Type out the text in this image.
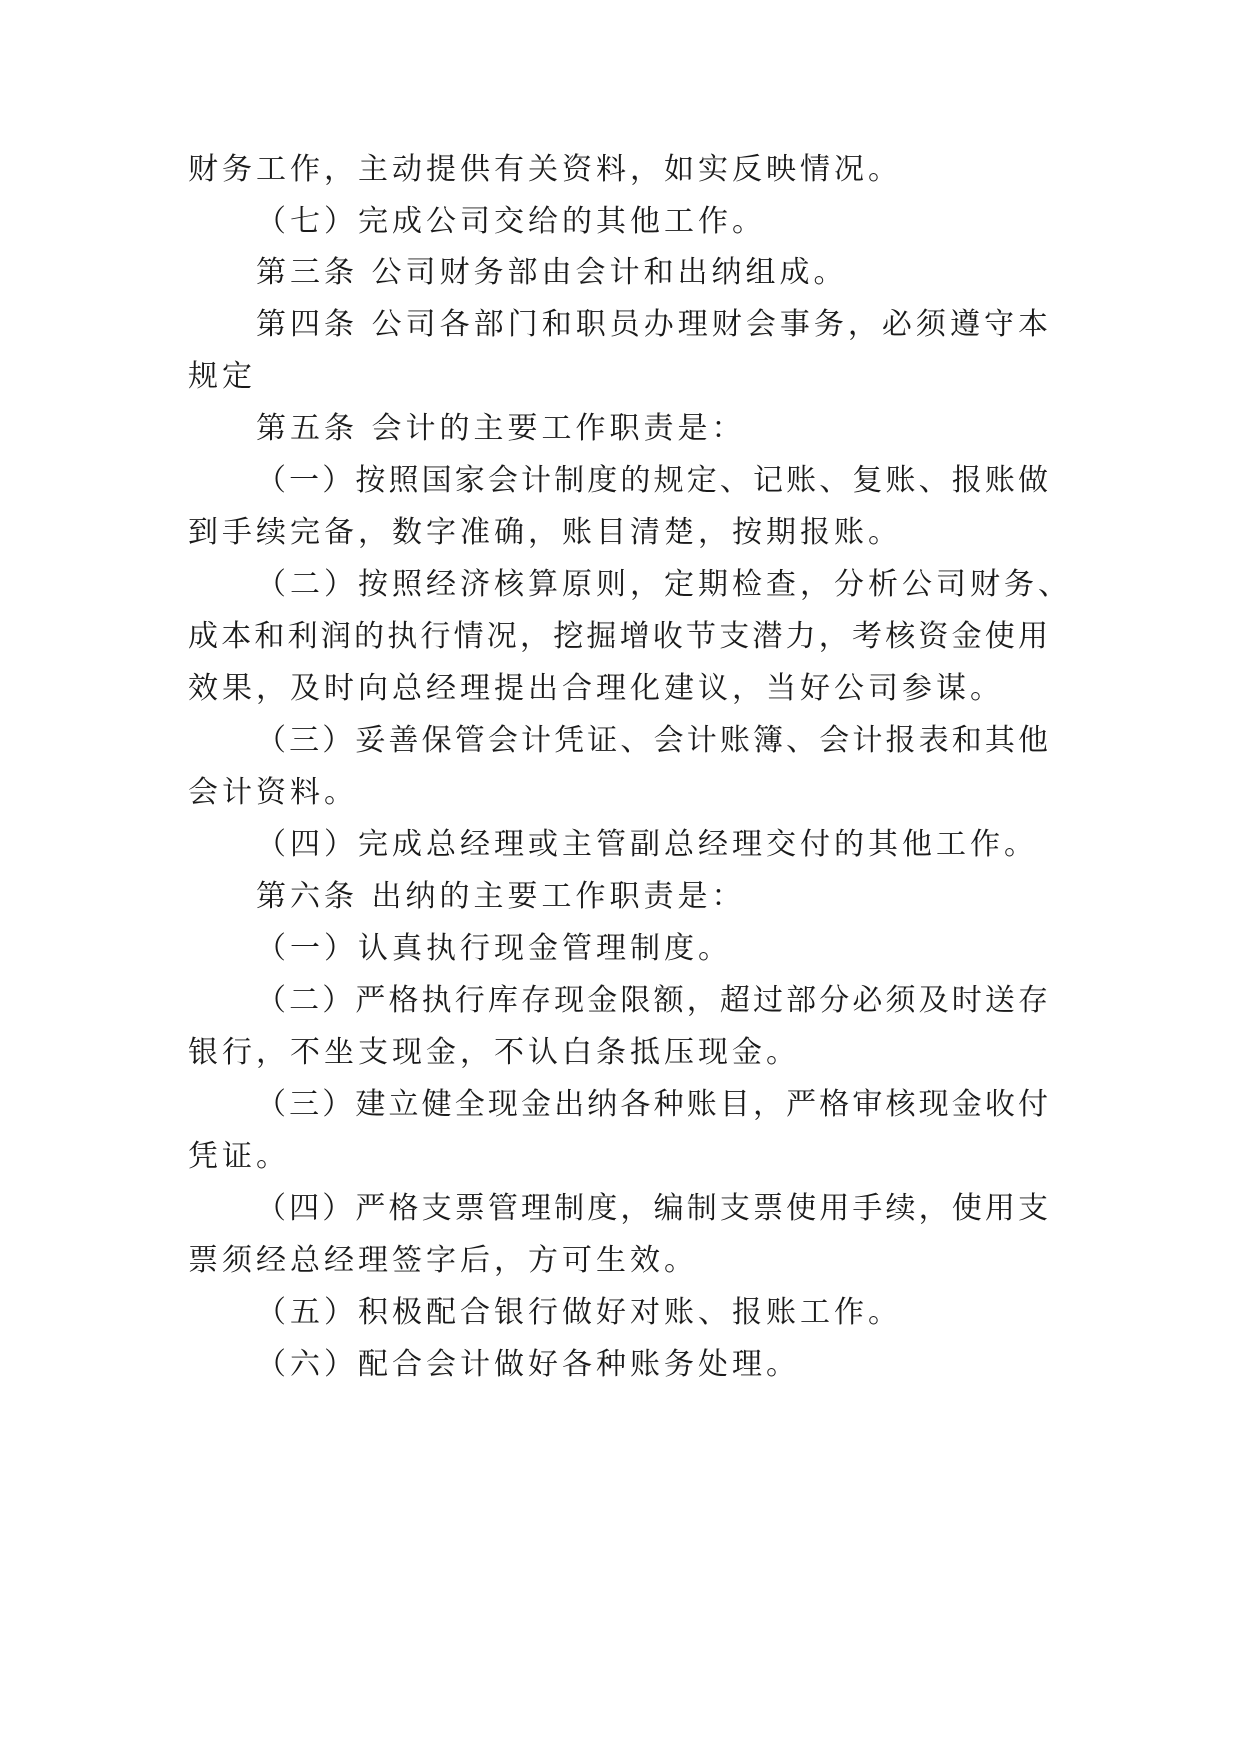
财务工作，主动提供有关资料，如实反映情况。
（七）完成公司交给的其他工作。
第三条 公司财务部由会计和出纳组成。
第四条 公司各部门和职员办理财会事务，必须遵守本
规定
第五条 会计的主要工作职责是：
（一）按照国家会计制度的规定、记账、复账、报账做
到手续完备，数字准确，账目清楚，按期报账。
（二）按照经济核算原则，定期检查，分析公司财务、
成本和利润的执行情况，挖掘增收节支潜力，考核资金使用
效果，及时向总经理提出合理化建议，当好公司参谋。
（三）妥善保管会计凭证、会计账簿、会计报表和其他
会计资料。
（四）完成总经理或主管副总经理交付的其他工作。
第六条 出纳的主要工作职责是：
（一）认真执行现金管理制度。
（二）严格执行库存现金限额，超过部分必须及时送存
银行，不坐支现金，不认白条抵压现金。
（三）建立健全现金出纳各种账目，严格审核现金收付
凭证。
（四）严格支票管理制度，编制支票使用手续，使用支
票须经总经理签字后，方可生效。
（五）积极配合银行做好对账、报账工作。
（六）配合会计做好各种账务处理。
